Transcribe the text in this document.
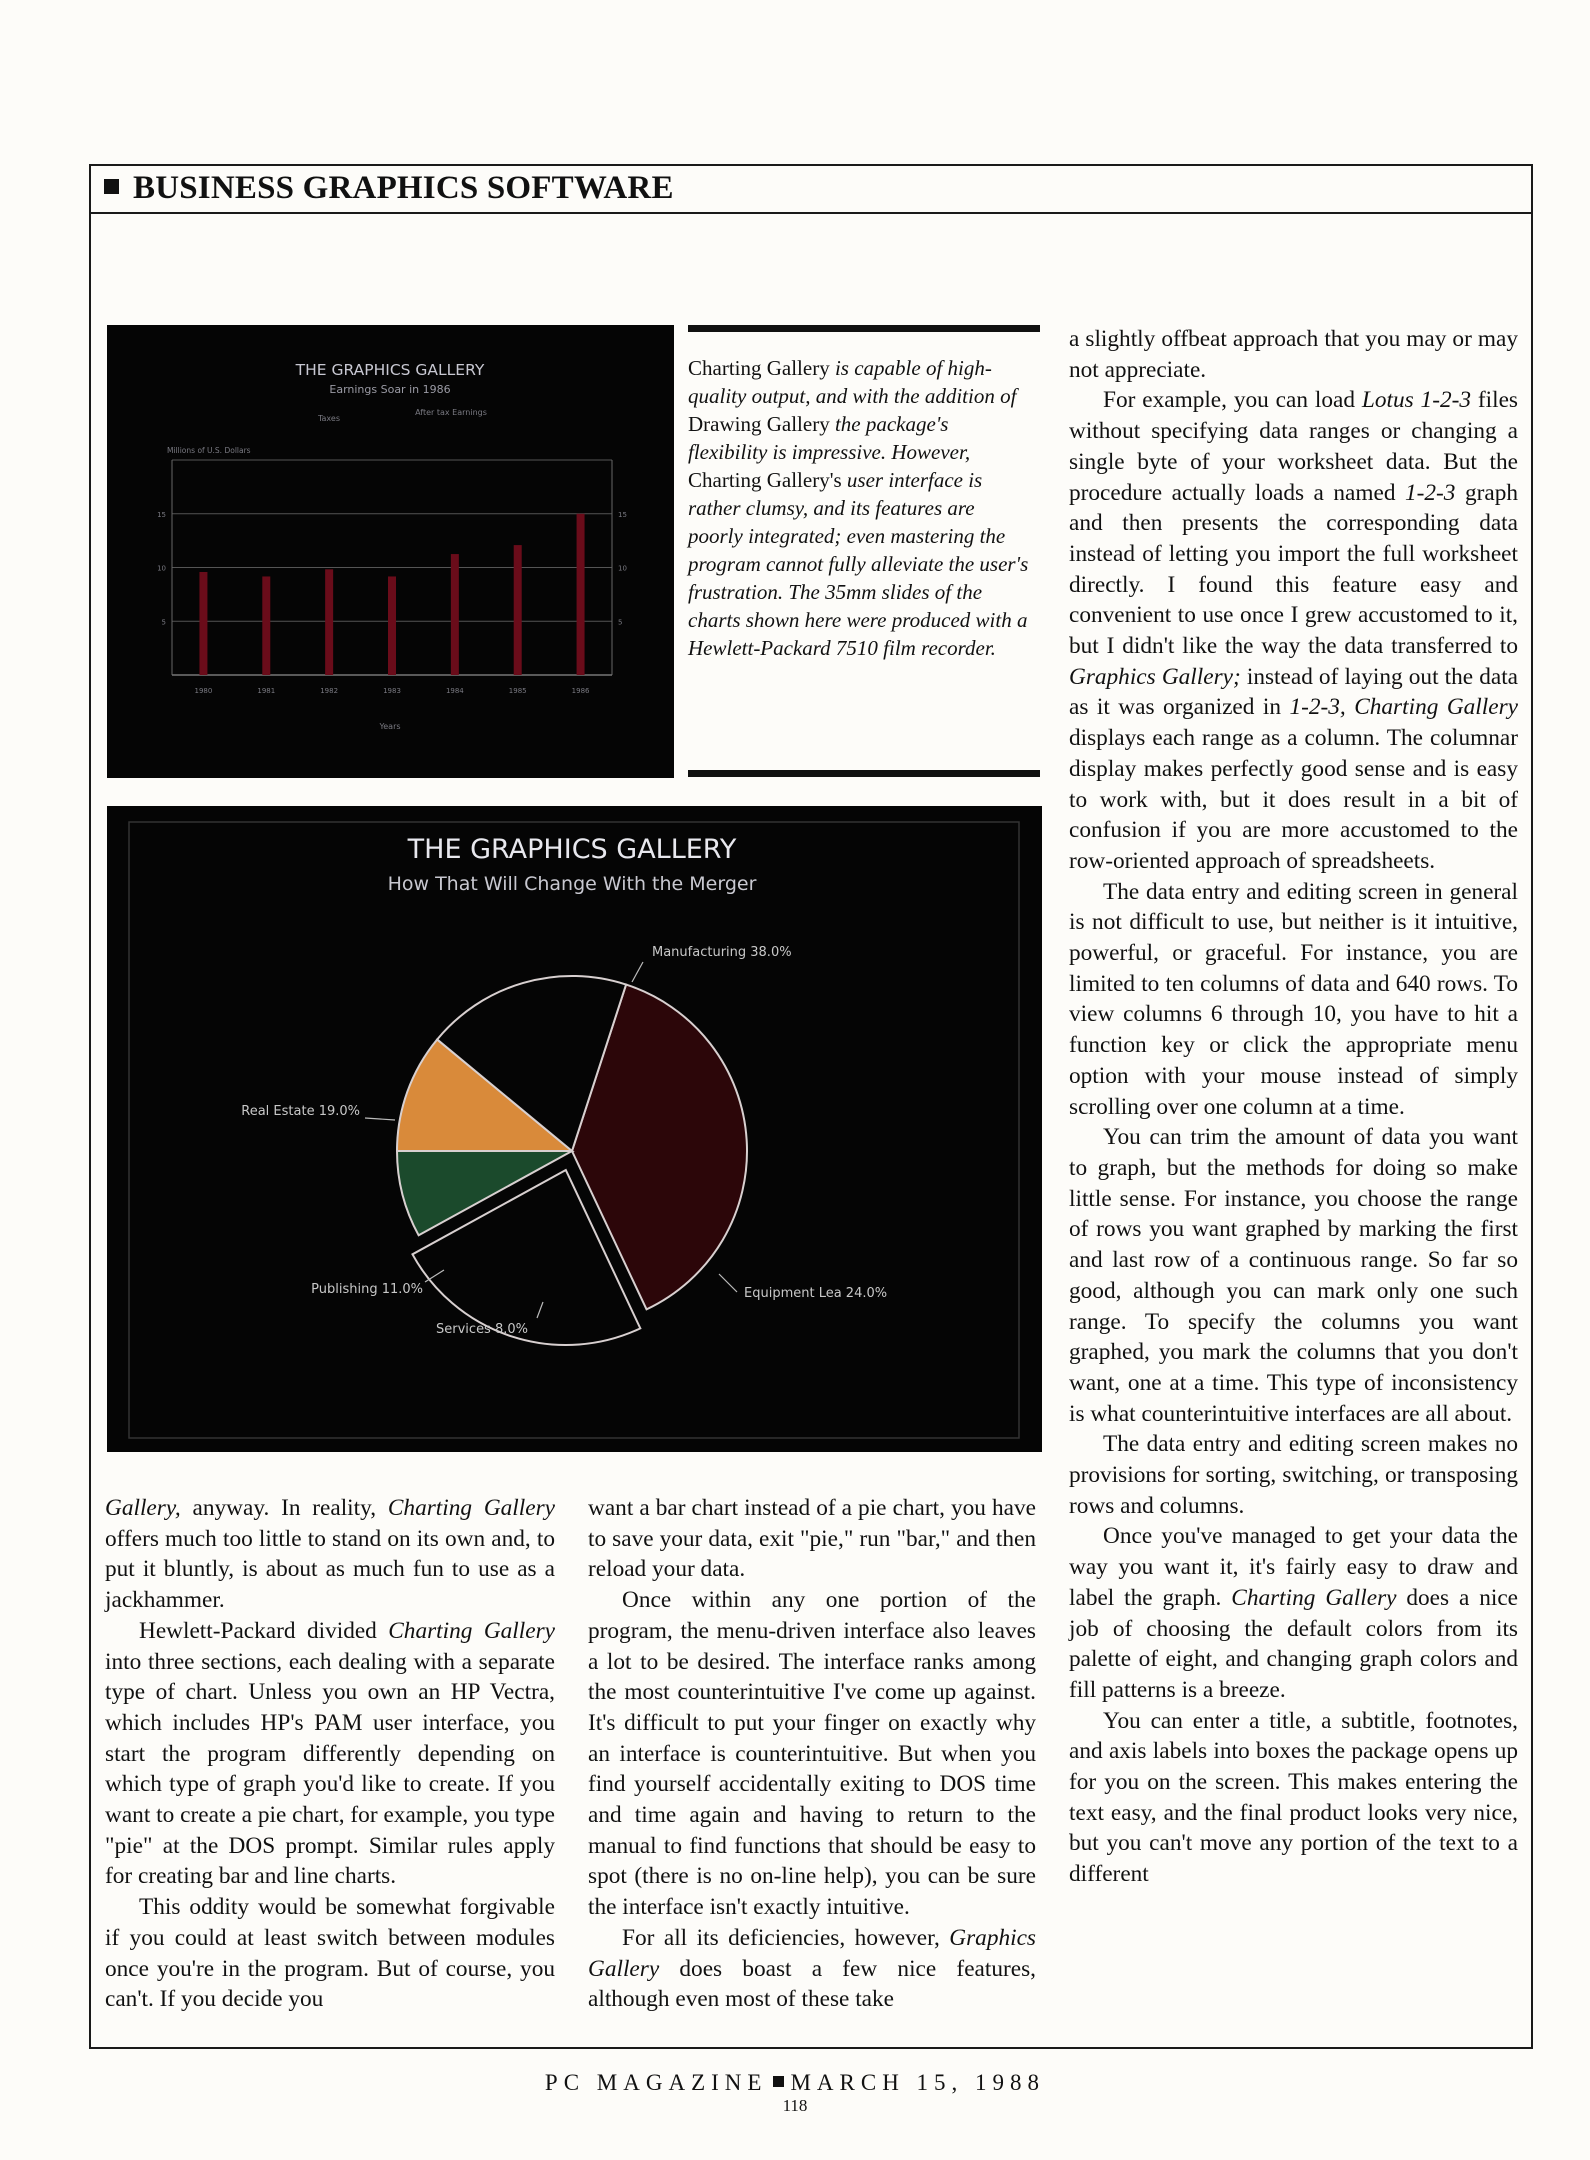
BUSINESS GRAPHICS SOFTWARE
THE GRAPHICS GALLERY
Earnings Soar in 1986
Taxes
After tax Earnings
Millions of U.S. Dollars
Years
15	15
10	10
5	5
1980	1981	1982	1983	1984	1985	1986
Charting Gallery is capable of high-quality output, and with the addition of Drawing Gallery the package's flexibility is impressive. However, Charting Gallery's user interface is rather clumsy, and its features are poorly integrated; even mastering the program cannot fully alleviate the user's frustration. The 35mm slides of the charts shown here were produced with a Hewlett-Packard 7510 film recorder.
THE GRAPHICS GALLERY
How That Will Change With the Merger
Manufacturing 38.0%
Equipment Lea 24.0%
Services 8.0%
Publishing 11.0%
Real Estate 19.0%

Gallery, anyway. In reality, Charting Gallery offers much too little to stand on its own and, to put it bluntly, is about as much fun to use as a jackhammer.

Hewlett-Packard divided Charting Gallery into three sections, each dealing with a separate type of chart. Unless you own an HP Vectra, which includes HP's PAM user interface, you start the program differently depending on which type of graph you'd like to create. If you want to create a pie chart, for example, you type "pie" at the DOS prompt. Similar rules apply for creating bar and line charts.

This oddity would be somewhat forgivable if you could at least switch between modules once you're in the program. But of course, you can't. If you decide you

want a bar chart instead of a pie chart, you have to save your data, exit "pie," run "bar," and then reload your data.

Once within any one portion of the program, the menu-driven interface also leaves a lot to be desired. The interface ranks among the most counterintuitive I've come up against. It's difficult to put your finger on exactly why an interface is counterintuitive. But when you find yourself accidentally exiting to DOS time and time again and having to return to the manual to find functions that should be easy to spot (there is no on-line help), you can be sure the interface isn't exactly intuitive.

For all its deficiencies, however, Graphics Gallery does boast a few nice features, although even most of these take

a slightly offbeat approach that you may or may not appreciate.

For example, you can load Lotus 1-2-3 files without specifying data ranges or changing a single byte of your worksheet data. But the procedure actually loads a named 1-2-3 graph and then presents the corresponding data instead of letting you import the full worksheet directly. I found this feature easy and convenient to use once I grew accustomed to it, but I didn't like the way the data transferred to Graphics Gallery; instead of laying out the data as it was organized in 1-2-3, Charting Gallery displays each range as a column. The columnar display makes perfectly good sense and is easy to work with, but it does result in a bit of confusion if you are more accustomed to the row-oriented approach of spreadsheets.

The data entry and editing screen in general is not difficult to use, but neither is it intuitive, powerful, or graceful. For instance, you are limited to ten columns of data and 640 rows. To view columns 6 through 10, you have to hit a function key or click the appropriate menu option with your mouse instead of simply scrolling over one column at a time.

You can trim the amount of data you want to graph, but the methods for doing so make little sense. For instance, you choose the range of rows you want graphed by marking the first and last row of a continuous range. So far so good, although you can mark only one such range. To specify the columns you want graphed, you mark the columns that you don't want, one at a time. This type of inconsistency is what counterintuitive interfaces are all about.

The data entry and editing screen makes no provisions for sorting, switching, or transposing rows and columns.

Once you've managed to get your data the way you want it, it's fairly easy to draw and label the graph. Charting Gallery does a nice job of choosing the default colors from its palette of eight, and changing graph colors and fill patterns is a breeze.

You can enter a title, a subtitle, footnotes, and axis labels into boxes the package opens up for you on the screen. This makes entering the text easy, and the final product looks very nice, but you can't move any portion of the text to a different

PC MAGAZINE MARCH 15, 1988
118
